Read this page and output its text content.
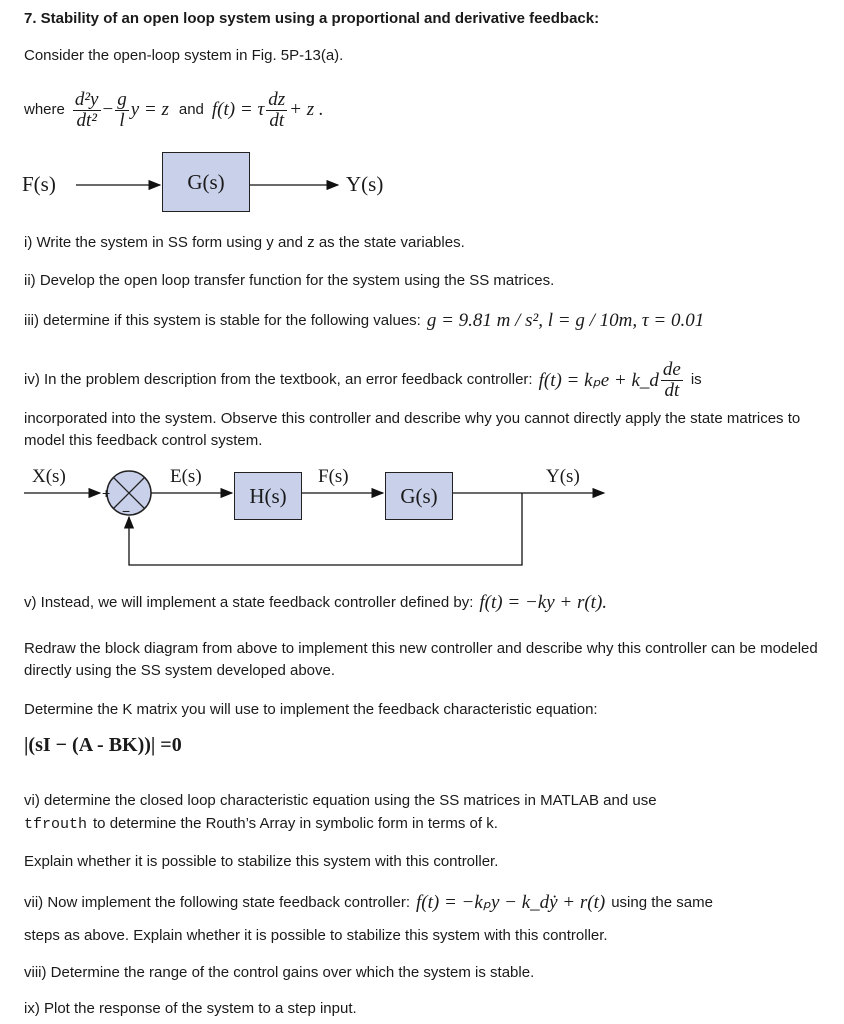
7. Stability of an open loop system using a proportional and derivative feedback:
Consider the open-loop system in Fig. 5P-13(a).
where $\frac{\text{d²y}}{\text{dt²}} - \frac{g}{l}$ y = z and f(t) = τ $\frac{dz}{dt} + z$ .
F(s)	G(s)	Y(s)
i) Write the system in SS form using y and z as the state variables.
ii) Develop the open loop transfer function for the system using the SS matrices.
iii) determine if this system is stable for the following values: g = 9.81 m / s², l = g / 10m, τ = 0.01
iv) In the problem description from the textbook, an error feedback controller: f(t) = kₚe + k_d $\frac{de}{dt}$ is
incorporated into the system. Observe this controller and describe why you cannot directly apply the state matrices to model this feedback control system.
X(s)
+
−
E(s)
H(s)
F(s)
G(s)
Y(s)
v) Instead, we will implement a state feedback controller defined by: f(t) = −ky + r(t).
Redraw the block diagram from above to implement this new controller and describe why this controller can be modeled directly using the SS system developed above.
Determine the K matrix you will use to implement the feedback characteristic equation:
|(sI − (A - BK))| =0
vi) determine the closed loop characteristic equation using the SS matrices in MATLAB and use
tfrouth to determine the Routh’s Array in symbolic form in terms of k.
Explain whether it is possible to stabilize this system with this controller.
vii) Now implement the following state feedback controller: f(t) = −kₚy − k_dẏ + r(t) using the same
steps as above. Explain whether it is possible to stabilize this system with this controller.
viii) Determine the range of the control gains over which the system is stable.
ix) Plot the response of the system to a step input.
